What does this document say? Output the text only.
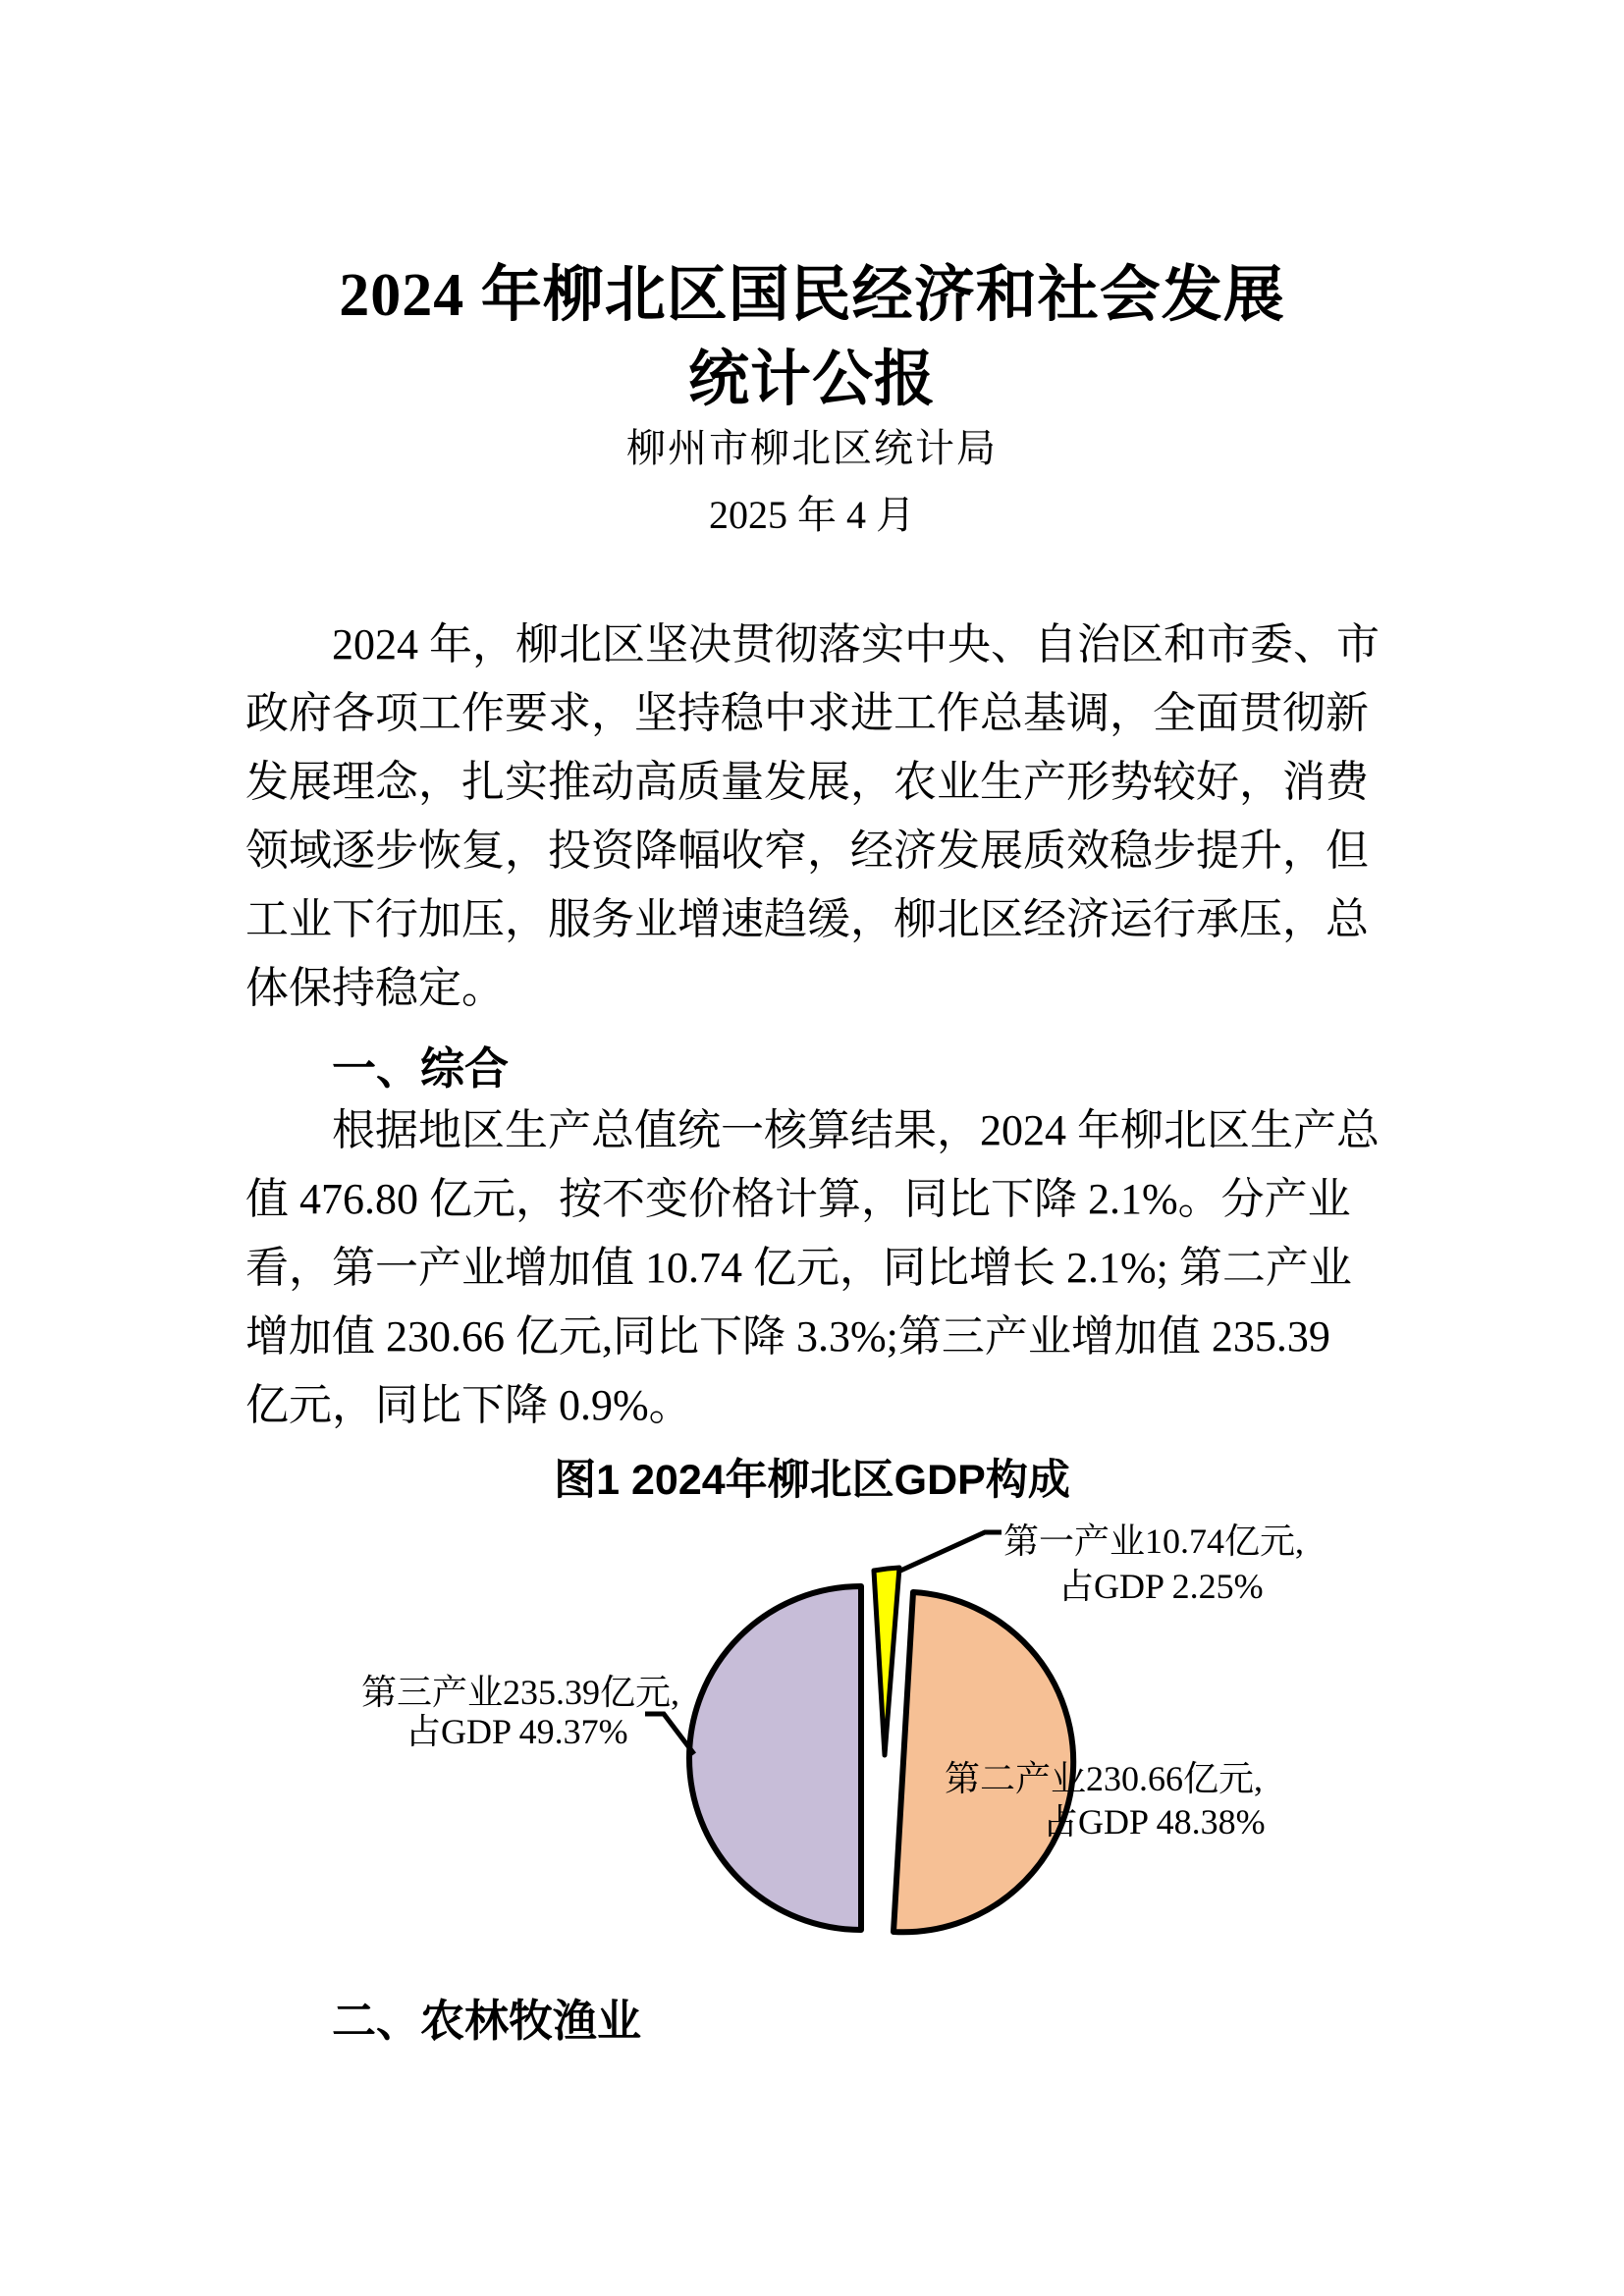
2024 年柳北区国民经济和社会发展
统计公报
柳州市柳北区统计局
2025 年 4 月
2024 年，柳北区坚决贯彻落实中央、自治区和市委、市
政府各项工作要求，坚持稳中求进工作总基调，全面贯彻新
发展理念，扎实推动高质量发展，农业生产形势较好，消费
领域逐步恢复，投资降幅收窄，经济发展质效稳步提升，但
工业下行加压，服务业增速趋缓，柳北区经济运行承压，总
体保持稳定。
一、综合
根据地区生产总值统一核算结果，2024 年柳北区生产总
值 476.80 亿元，按不变价格计算，同比下降 2.1%。分产业
看，第一产业增加值 10.74 亿元，同比增长 2.1%; 第二产业
增加值 230.66 亿元,同比下降 3.3%;第三产业增加值 235.39
亿元，同比下降 0.9%。
图1 2024年柳北区GDP构成
第一产业10.74亿元,
占GDP 2.25%
第二产业230.66亿元,
占GDP 48.38%
第三产业235.39亿元,
占GDP 49.37%
二、农林牧渔业
